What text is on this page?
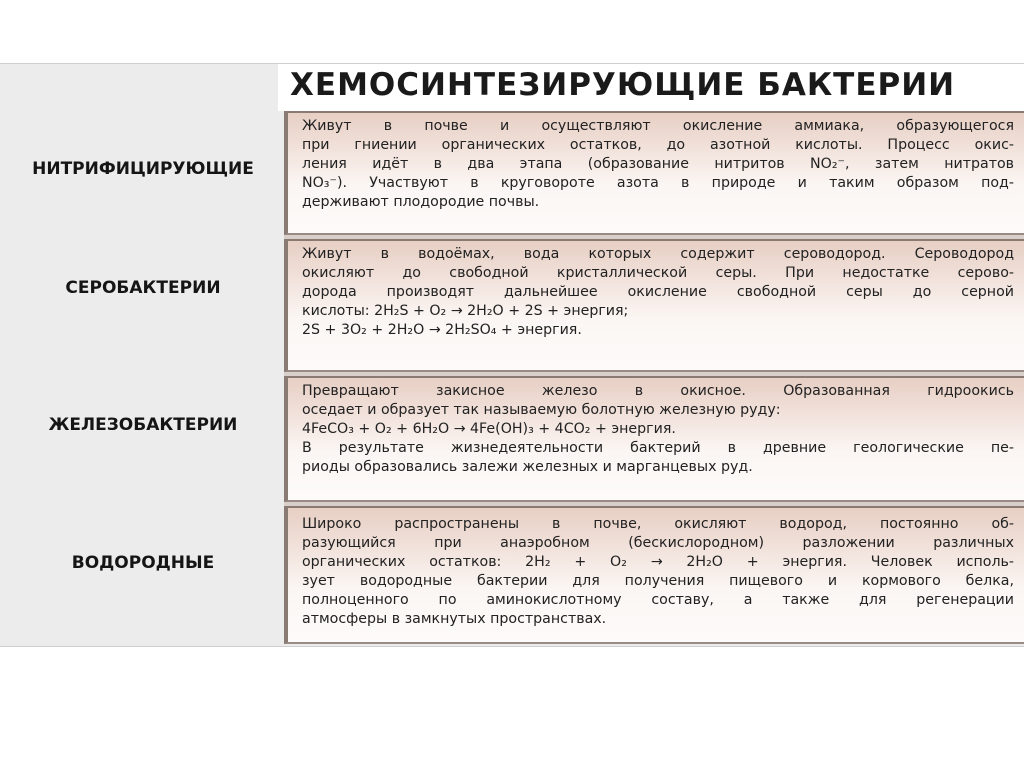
ХЕМОСИНТЕЗИРУЮЩИЕ БАКТЕРИИ
НИТРИФИЦИРУЮЩИЕ
Живут в почве и осуществляют окисление аммиака, образующегося
при гниении органических остатков, до азотной кислоты. Процесс окис-
ления идёт в два этапа (образование нитритов NO₂⁻, затем нитратов
NO₃⁻). Участвуют в круговороте азота в природе и таким образом под-
держивают плодородие почвы.
СЕРОБАКТЕРИИ
Живут в водоёмах, вода которых содержит сероводород. Сероводород
окисляют до свободной кристаллической серы. При недостатке серово-
дорода производят дальнейшее окисление свободной серы до серной
кислоты: 2H₂S + O₂ → 2H₂O + 2S + энергия;
2S + 3O₂ + 2H₂O → 2H₂SO₄ + энергия.
ЖЕЛЕЗОБАКТЕРИИ
Превращают закисное железо в окисное. Образованная гидроокись
оседает и образует так называемую болотную железную руду:
4FeCO₃ + O₂ + 6H₂O → 4Fe(OH)₃ + 4CO₂ + энергия.
В результате жизнедеятельности бактерий в древние геологические пе-
риоды образовались залежи железных и марганцевых руд.
ВОДОРОДНЫЕ
Широко распространены в почве, окисляют водород, постоянно об-
разующийся при анаэробном (бескислородном) разложении различных
органических остатков: 2H₂ + O₂ → 2H₂O + энергия. Человек исполь-
зует водородные бактерии для получения пищевого и кормового белка,
полноценного по аминокислотному составу, а также для регенерации
атмосферы в замкнутых пространствах.
